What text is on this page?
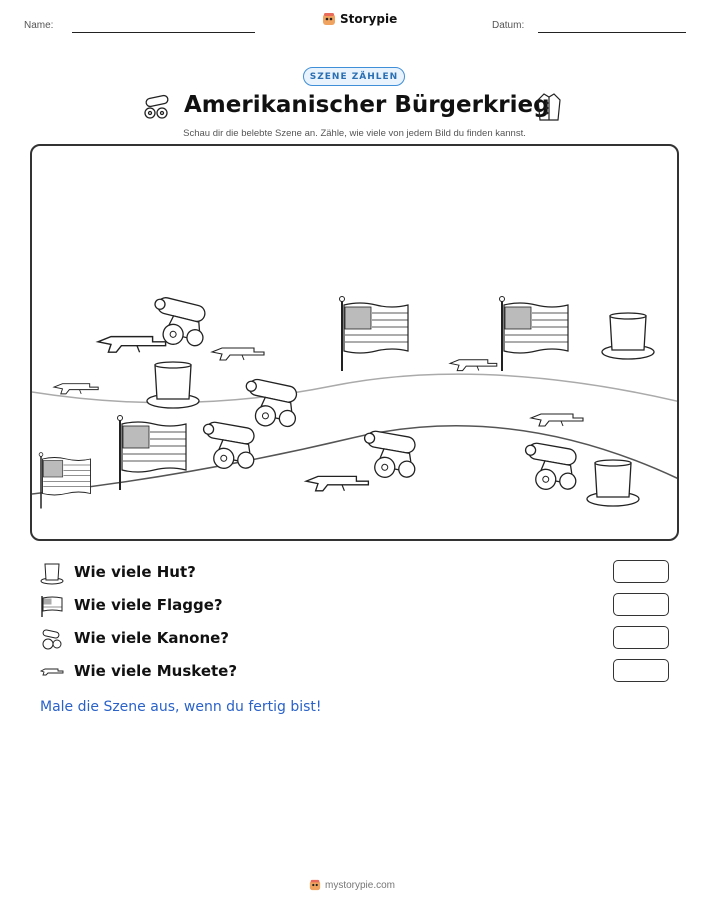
Name:	Storypie	Datum:
SZENE ZÄHLEN
Amerikanischer Bürgerkrieg
Schau dir die belebte Szene an. Zähle, wie viele von jedem Bild du finden kannst.
Wie viele Hut?
Wie viele Flagge?
Wie viele Kanone?
Wie viele Muskete?
Male die Szene aus, wenn du fertig bist!
mystorypie.com
